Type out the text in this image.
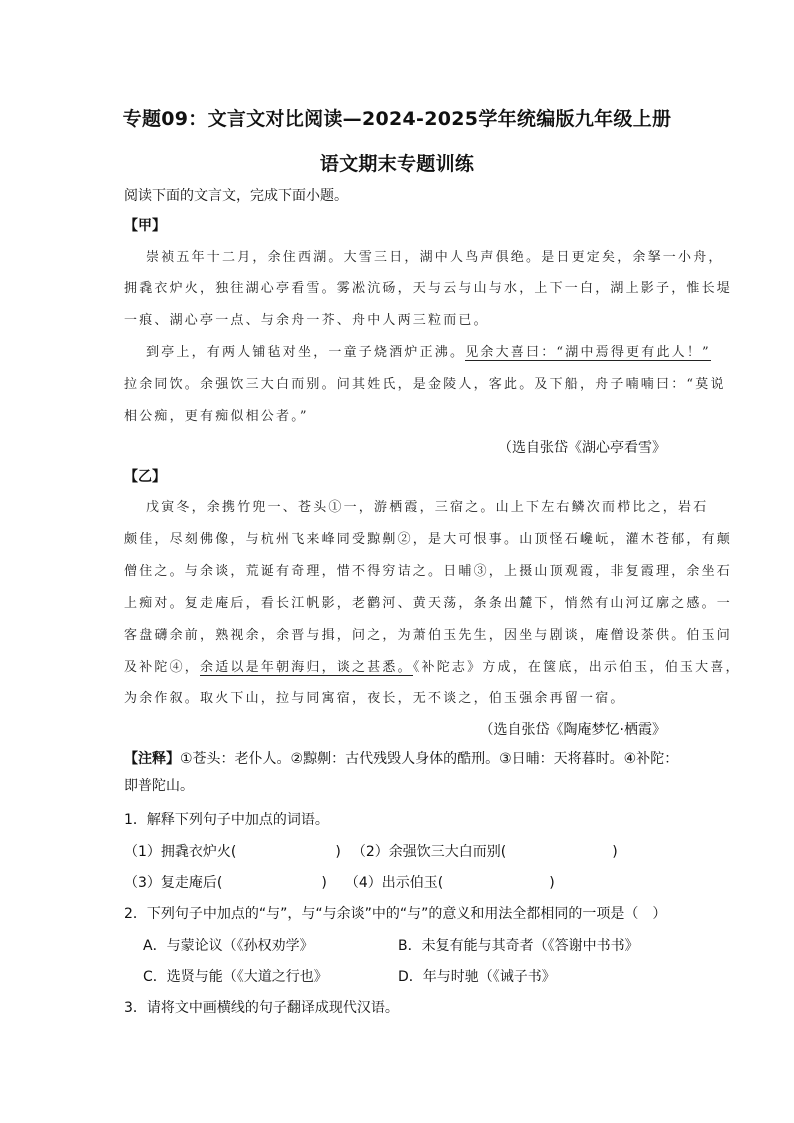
专题09：文言文对比阅读—2024-2025学年统编版九年级上册
语文期末专题训练
阅读下面的文言文，完成下面小题。
【甲】
崇祯五年十二月，余住西湖。大雪三日，湖中人鸟声俱绝。是日更定矣，余拏一小舟，
拥毳衣炉火，独往湖心亭看雪。雾凇沆砀，天与云与山与水，上下一白，湖上影子，惟长堤
一痕、湖心亭一点、与余舟一芥、舟中人两三粒而已。
到亭上，有两人铺毡对坐，一童子烧酒炉正沸。见余大喜曰：“湖中焉得更有此人！”
拉余同饮。余强饮三大白而别。问其姓氏，是金陵人，客此。及下船，舟子喃喃曰：“莫说
相公痴，更有痴似相公者。”
（选自张岱《湖心亭看雪》
【乙】
戊寅冬，余携竹兜一、苍头①一，游栖霞，三宿之。山上下左右鳞次而栉比之，岩石
颇佳，尽刻佛像，与杭州飞来峰同受黥劓②，是大可恨事。山顶怪石巉岏，灌木苍郁，有颠
僧住之。与余谈，荒诞有奇理，惜不得穷诘之。日晡③，上摄山顶观霞，非复霞理，余坐石
上痴对。复走庵后，看长江帆影，老鹳河、黄天荡，条条出麓下，悄然有山河辽廓之感。一
客盘礴余前，熟视余，余晋与揖，问之，为萧伯玉先生，因坐与剧谈，庵僧设茶供。伯玉问
及补陀④，余适以是年朝海归，谈之甚悉。《补陀志》方成，在箧底，出示伯玉，伯玉大喜，
为余作叙。取火下山，拉与同寓宿，夜长，无不谈之，伯玉强余再留一宿。
（选自张岱《陶庵梦忆·栖霞》
【注释】①苍头：老仆人。②黥劓：古代残毁人身体的酷刑。③日晡：天将暮时。④补陀：
即普陀山。
1．解释下列句子中加点的词语。
（1）拥毳衣炉火(	) （2）余强饮三大白而别(	)
（3）复走庵后(	) （4）出示伯玉(	)
2．下列句子中加点的“与”，与“与余谈”中的“与”的意义和用法全都相同的一项是（　）
A．与蒙论议（《孙权劝学》	B．未复有能与其奇者（《答谢中书书》
C．选贤与能（《大道之行也》	D．年与时驰（《诫子书》
3．请将文中画横线的句子翻译成现代汉语。
